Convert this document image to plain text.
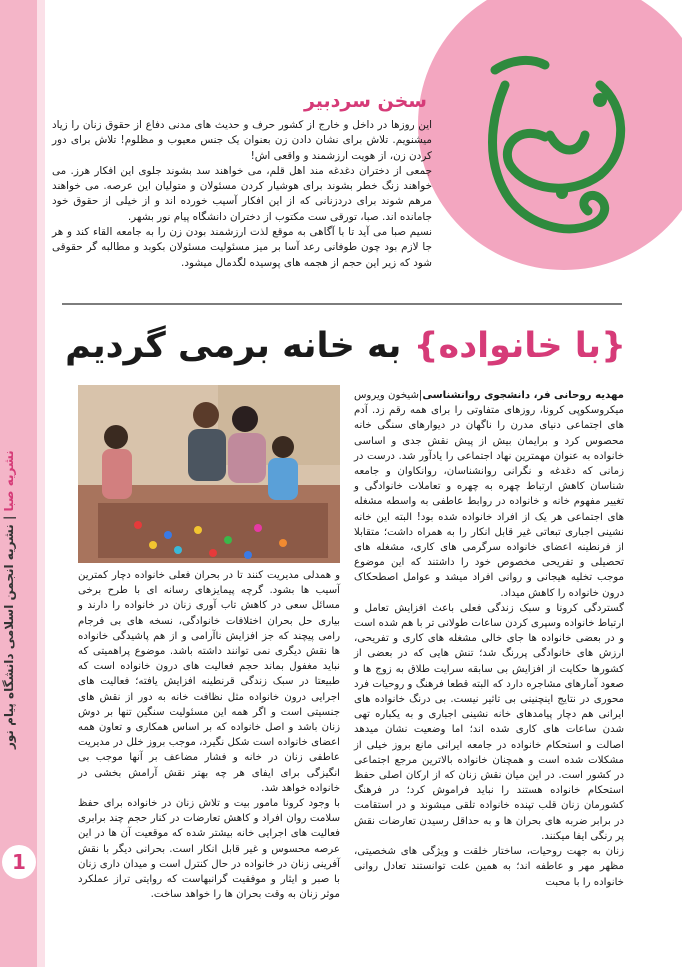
نشریه صبا | نشریه انجمن اسلامی دانشگاه پیام نور
1
سخن سردبیر

این روزها در داخل و خارج از کشور حرف و حدیث های مدنی دفاع از حقوق زنان را زیاد میشنویم. تلاش برای نشان دادن زن بعنوان یک جنس معیوب و مظلوم! تلاش برای دور کردن زن، از هویت ارزشمند و واقعی اش!

جمعی از دختران دغدغه مند اهل قلم، می خواهند سد بشوند جلوی این افکار هرز. می خواهند زنگ خطر بشوند برای هوشیار کردن مسئولان و متولیان این عرصه. می خواهند مرهم شوند برای دردزنانی که از این افکار آسیب خورده اند و از خیلی از حقوق خود جامانده اند. صبا، تورقی ست مکتوب از دختران دانشگاه پیام نور بشهر.

نسیم صبا می آید تا با آگاهی به موقع لذت ارزشمند بودن زن را به جامعه القاء کند و هر جا لازم بود چون طوفانی رعد آسا بر میز مسئولیت مسئولان بکوبد و مطالبه گر حقوقی شود که زیر این حجم از هجمه های پوسیده لگدمال میشود.

{با خانواده} به خانه برمی گردیم

مهدیه روحانی فر، دانشجوی روانشناسی|شیخون ویروس میکروسکوپی کرونا، روزهای متفاوتی را برای همه رقم زد. آدم های اجتماعی دنیای مدرن را ناگهان در دیوارهای سنگی خانه محصوس کرد و برایمان بیش از پیش نقش جدی و اساسی خانواده به عنوان مهمترین نهاد اجتماعی را یادآور شد. درست در زمانی که دغدغه و نگرانی روانشناسان، روانکاوان و جامعه شناسان کاهش ارتباط چهره به چهره و تعاملات خانوادگی و تغییر مفهوم خانه و خانواده در روابط عاطفی به واسطه مشغله های اجتماعی هر یک از افراد خانواده شده بود! البته این خانه نشینی اجباری تبعاتی غیر قابل انکار را به همراه داشت؛ متقابلا از فرنطینه اعضای خانواده سرگرمی های کاری، مشغله های تحصیلی و تفریحی مخصوص خود را داشتند که این موضوع موجب تخلیه هیجانی و روانی افراد میشد و عوامل اصطحکاک درون خانواده را کاهش میداد.

گستردگی کرونا و سبک زندگی فعلی باعث افزایش تعامل و ارتباط خانواده وسپری کردن ساعات طولانی تر با هم شده است و در بعضی خانواده ها جای خالی مشغله های کاری و تفریحی، ارزش های خانوادگی پررنگ شد؛ تنش هایی که در بعضی از کشورها حکایت از افزایش بی سابقه سرایت طلاق به زوج ها و صعود آمارهای مشاجره دارد که البته قطعا فرهنگ و روحیات فرد محوری در نتایج اینچنینی بی تاثیر نیست. بی درنگ خانواده های ایرانی هم دچار پیامدهای خانه نشینی اجباری و به یکباره تهی شدن ساعات های کاری شده اند؛ اما وضعیت نشان میدهد اصالت و استحکام خانواده در جامعه ایرانی مانع بروز خیلی از مشکلات شده است و همچنان خانواده بالاترین مرجع اجتماعی در کشور است. در این میان نقش زنان که از ارکان اصلی حفظ استحکام خانواده هستند را نباید فراموش کرد؛ در فرهنگ کشورمان زنان قلب تپنده خانواده تلقی میشوند و در استقامت در برابر ضربه های بحران ها و به حداقل رسیدن تعارضات نقش پر رنگی ایفا میکنند.

زنان به جهت روحیات، ساختار خلقت و ویژگی های شخصیتی، مظهر مهر و عاطفه اند؛ به همین علت توانستند تعادل روانی خانواده را با محبت

و همدلی مدیریت کنند تا در بحران فعلی خانواده دچار کمترین آسیب ها بشود. گرچه پیمایزهای رسانه ای با طرح برخی مسائل سعی در کاهش تاب آوری زنان در خانواده را دارند و بیاری حل بحران اختلافات خانوادگی، نسخه های بی فرجام رامی پیچند که جز افزایش ناآرامی و از هم پاشیدگی خانواده ها نقش دیگری نمی توانند داشته باشد. موضوع پراهمیتی که نباید مغفول بماند حجم فعالیت های درون خانواده است که طبیعتا در سبک زندگی قرنطینه افزایش یافته؛ فعالیت های اجرایی درون خانواده مثل نظافت خانه به دور از نقش های جنسیتی است و اگر همه این مسئولیت سنگین تنها بر دوش زنان باشد و اصل خانواده که بر اساس همکاری و تعاون همه اعضای خانواده است شکل نگیرد، موجب بروز خلل در مدیریت عاطفی زنان در خانه و فشار مضاعف بر آنها موجب بی انگیزگی برای ایفای هر چه بهتر نقش آرامش بخشی در خانواده خواهد شد.

با وجود کرونا مامور بیت و تلاش زنان در خانواده برای حفظ سلامت روان افراد و کاهش تعارضات در کنار حجم چند برابری فعالیت های اجرایی خانه بیشتر شده که موقعیت آن ها در این عرصه محسوس و غیر قابل انکار است. بحرانی دیگر با نقش آفرینی زنان در خانواده در حال کنترل است و میدان داری زنان با صبر و ایثار و موفقیت گرانبهاست که روایتی تراز عملکرد موثر زنان به وقت بحران ها را خواهد ساخت.
